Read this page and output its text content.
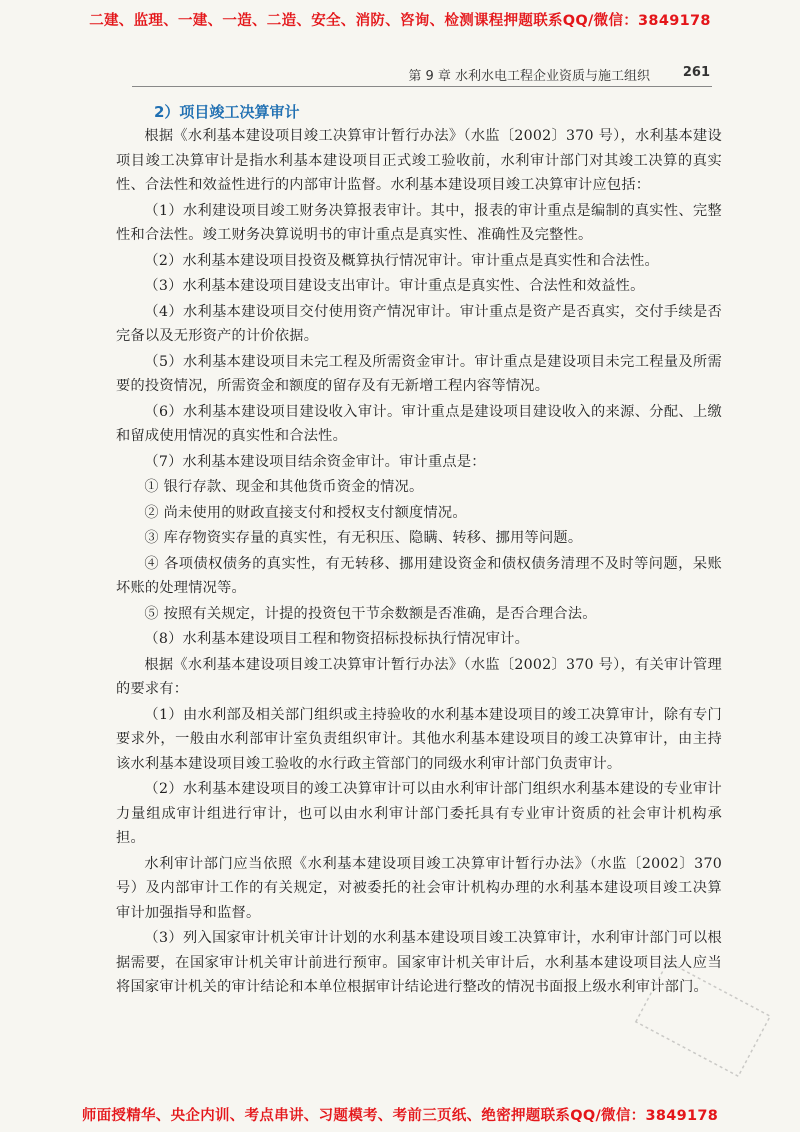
二建、监理、一建、一造、二造、安全、消防、咨询、检测课程押题联系QQ/微信：3849178
第 9 章 水利水电工程企业资质与施工组织	261
2）项目竣工决算审计

根据《水利基本建设项目竣工决算审计暂行办法》（水监〔2002〕370 号），水利基本建设项目竣工决算审计是指水利基本建设项目正式竣工验收前，水利审计部门对其竣工决算的真实性、合法性和效益性进行的内部审计监督。水利基本建设项目竣工决算审计应包括：

（1）水利建设项目竣工财务决算报表审计。其中，报表的审计重点是编制的真实性、完整性和合法性。竣工财务决算说明书的审计重点是真实性、准确性及完整性。

（2）水利基本建设项目投资及概算执行情况审计。审计重点是真实性和合法性。

（3）水利基本建设项目建设支出审计。审计重点是真实性、合法性和效益性。

（4）水利基本建设项目交付使用资产情况审计。审计重点是资产是否真实，交付手续是否完备以及无形资产的计价依据。

（5）水利基本建设项目未完工程及所需资金审计。审计重点是建设项目未完工程量及所需要的投资情况，所需资金和额度的留存及有无新增工程内容等情况。

（6）水利基本建设项目建设收入审计。审计重点是建设项目建设收入的来源、分配、上缴和留成使用情况的真实性和合法性。

（7）水利基本建设项目结余资金审计。审计重点是：

① 银行存款、现金和其他货币资金的情况。

② 尚未使用的财政直接支付和授权支付额度情况。

③ 库存物资实存量的真实性，有无积压、隐瞒、转移、挪用等问题。

④ 各项债权债务的真实性，有无转移、挪用建设资金和债权债务清理不及时等问题，呆账坏账的处理情况等。

⑤ 按照有关规定，计提的投资包干节余数额是否准确，是否合理合法。

（8）水利基本建设项目工程和物资招标投标执行情况审计。

根据《水利基本建设项目竣工决算审计暂行办法》（水监〔2002〕370 号），有关审计管理的要求有：

（1）由水利部及相关部门组织或主持验收的水利基本建设项目的竣工决算审计，除有专门要求外，一般由水利部审计室负责组织审计。其他水利基本建设项目的竣工决算审计，由主持该水利基本建设项目竣工验收的水行政主管部门的同级水利审计部门负责审计。

（2）水利基本建设项目的竣工决算审计可以由水利审计部门组织水利基本建设的专业审计力量组成审计组进行审计，也可以由水利审计部门委托具有专业审计资质的社会审计机构承担。

水利审计部门应当依照《水利基本建设项目竣工决算审计暂行办法》（水监〔2002〕370 号）及内部审计工作的有关规定，对被委托的社会审计机构办理的水利基本建设项目竣工决算审计加强指导和监督。

（3）列入国家审计机关审计计划的水利基本建设项目竣工决算审计，水利审计部门可以根据需要，在国家审计机关审计前进行预审。国家审计机关审计后，水利基本建设项目法人应当将国家审计机关的审计结论和本单位根据审计结论进行整改的情况书面报上级水利审计部门。

师面授精华、央企内训、考点串讲、习题模考、考前三页纸、绝密押题联系QQ/微信：3849178
